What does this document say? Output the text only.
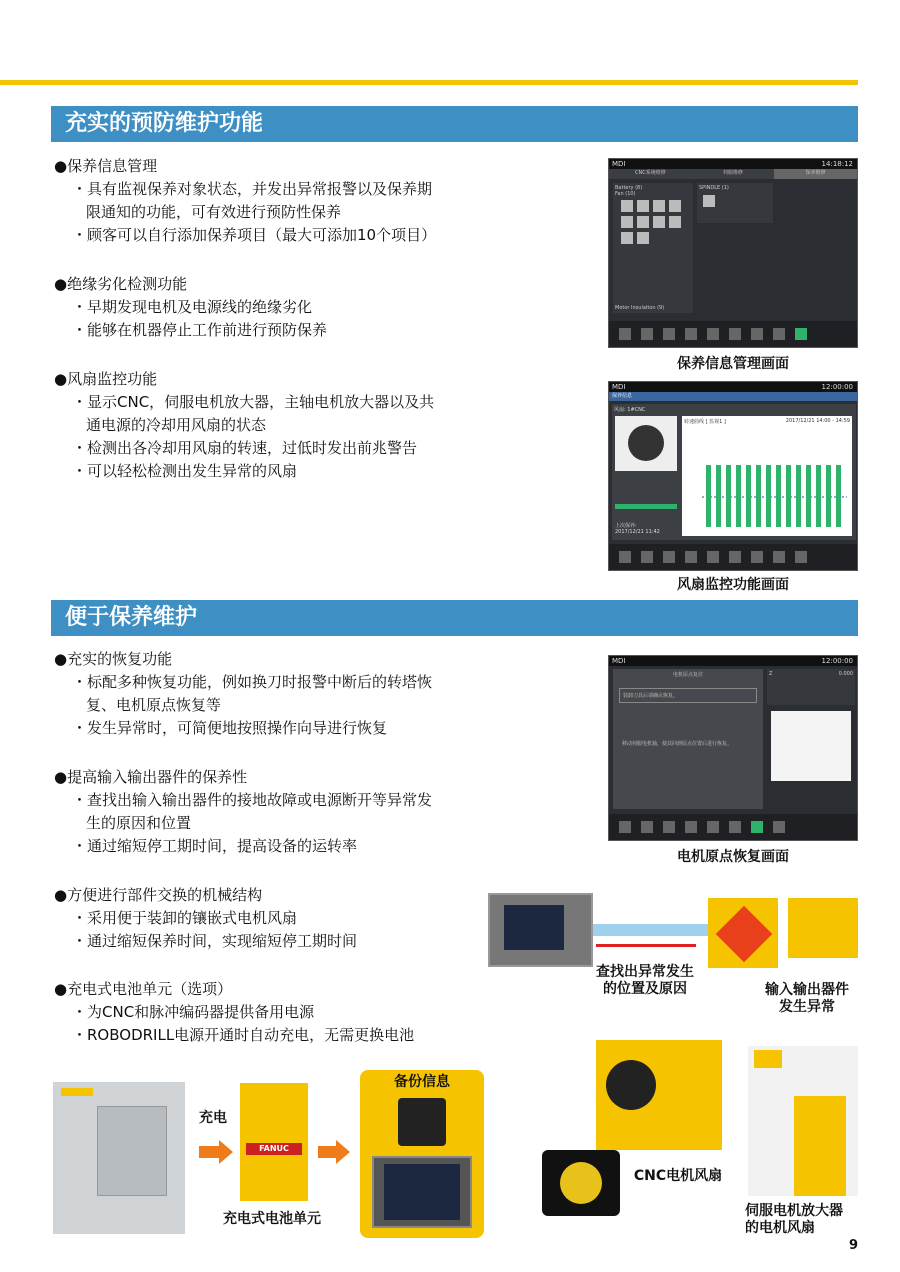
充实的预防维护功能
●保养信息管理
・具有监视保养对象状态，并发出异常报警以及保养期
限通知的功能，可有效进行预防性保养
・顾客可以自行添加保养项目（最大可添加10个项目）
●绝缘劣化检测功能
・早期发现电机及电源线的绝缘劣化
・能够在机器停止工作前进行预防保养
●风扇监控功能
・显示CNC，伺服电机放大器，主轴电机放大器以及共
通电源的冷却用风扇的状态
・检测出各冷却用风扇的转速，过低时发出前兆警告
・可以轻松检测出发生异常的风扇
MDI	14:18:12
CNC系统维修	伺服维修	保养维修
Battery (8)
Fan (10)
Motor Insulation (9)
SPINDLE (1)
保养信息管理画面
MDI	12:00:00
保养信息
风扇: 1#CNC
上次保养:
2017/12/21 11:42
转速曲线 [ 监视1 ]	2017/12/21 14:00 - 14:59
风扇监控功能画面
便于保养维护
●充实的恢复功能
・标配多种恢复功能，例如换刀时报警中断后的转塔恢
复、电机原点恢复等
・发生异常时，可简便地按照操作向导进行恢复
●提高输入输出器件的保养性
・查找出输入输出器件的接地故障或电源断开等异常发
生的原因和位置
・通过缩短停工期时间，提高设备的运转率
●方便进行部件交换的机械结构
・采用便于装卸的镶嵌式电机风扇
・通过缩短保养时间，实现缩短停工期时间
●充电式电池单元（选项）
・为CNC和脉冲编码器提供备用电源
・ROBODRILL电源开通时自动充电，无需更换电池
MDI	12:00:00
电机原点复位
装卸刀具后请确认恢复。
移动伺服电机轴，使其回到原点位置后进行恢复。
Z	0.000
电机原点恢复画面
查找出异常发生
的位置及原因	输入输出器件
发生异常
充电
FANUC
充电式电池单元
备份信息
CNC电机风扇
伺服电机放大器
的电机风扇
9
